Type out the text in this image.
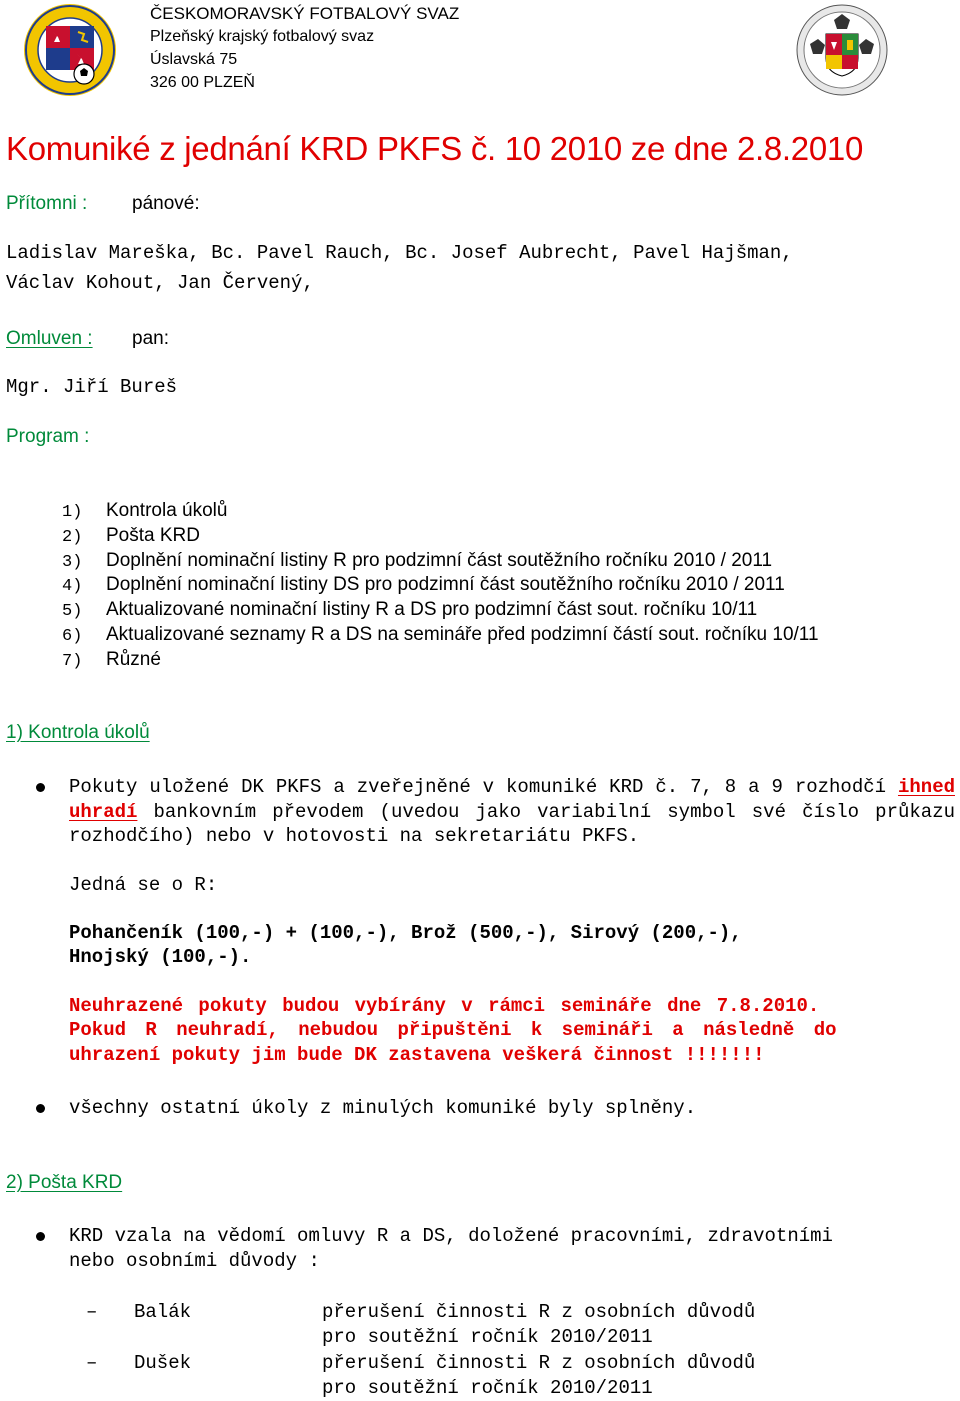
ČESKOMORAVSKÝ FOTBALOVÝ SVAZ
Plzeňský krajský fotbalový svaz
Úslavská 75
326 00 PLZEŇ
Komuniké z jednání KRD PKFS č. 10 2010 ze dne 2.8.2010
Přítomni : pánové:
Ladislav Mareška, Bc. Pavel Rauch, Bc. Josef Aubrecht, Pavel Hajšman,
Václav Kohout, Jan Červený,
Omluven : pan:
Mgr. Jiří Bureš
Program :
1) Kontrola úkolů
2) Pošta KRD
3) Doplnění nominační listiny R pro podzimní část soutěžního ročníku 2010 / 2011
4) Doplnění nominační listiny DS pro podzimní část soutěžního ročníku 2010 / 2011
5) Aktualizované nominační listiny R a DS pro podzimní část sout. ročníku 10/11
6) Aktualizované seznamy R a DS na semináře před podzimní částí sout. ročníku 10/11
7) Různé
1) Kontrola úkolů
Pokuty uložené DK PKFS a zveřejněné v komuniké KRD č. 7, 8 a 9 rozhodčí ihned uhradí bankovním převodem (uvedou jako variabilní symbol své číslo průkazu rozhodčího) nebo v hotovosti na sekretariátu PKFS.
Jedná se o R:
Pohančeník (100,-) + (100,-), Brož (500,-), Sirový (200,-),
Hnojský (100,-).
Neuhrazené pokuty budou vybírány v rámci semináře dne 7.8.2010.
Pokud R neuhradí, nebudou připuštěni k semináři a následně do
uhrazení pokuty jim bude DK zastavena veškerá činnost !!!!!!!
všechny ostatní úkoly z minulých komuniké byly splněny.
2) Pošta KRD
KRD vzala na vědomí omluvy R a DS, doložené pracovními, zdravotními
nebo osobními důvody :
– Balák	přerušení činnosti R z osobních důvodů
pro soutěžní ročník 2010/2011
– Dušek	přerušení činnosti R z osobních důvodů
pro soutěžní ročník 2010/2011
